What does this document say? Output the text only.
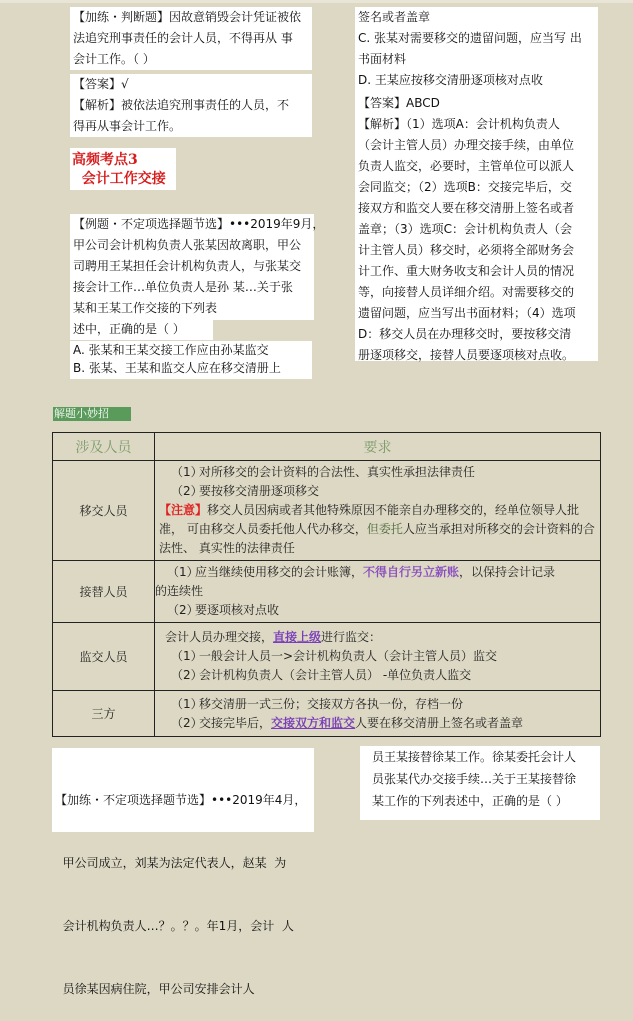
【加练・判断题】因故意销毁会计凭证被依
法追究刑事责任的会计人员，不得再从 事
会计工作。（ ）
【答案】√
【解析】被依法追究刑事责任的人员，不
得再从事会计工作。
高频考点3
会计工作交接
【例题・不定项选择题节选】•••2019年9月，
甲公司会计机构负责人张某因故离职，甲公
司聘用王某担任会计机构负责人，与张某交
接会计工作…单位负责人是孙 某…关于张
某和王某工作交接的下列表
述中，正确的是（ ）
A. 张某和王某交接工作应由孙某监交
B. 张某、王某和监交人应在移交清册上
签名或者盖章
C. 张某对需要移交的遗留问题，应当写 出
书面材料
D. 王某应按移交清册逐项核对点收
【答案】ABCD
【解析】（1）选项A：会计机构负责人
（会计主管人员）办理交接手续，由单位
负责人监交，必要时，主管单位可以派人
会同监交；（2）选项B：交接完毕后，交
接双方和监交人要在移交清册上签名或者
盖章；（3）选项C：会计机构负责人（会
计主管人员）移交时，必须将全部财务会
计工作、重大财务收支和会计人员的情况
等，向接替人员详细介绍。对需要移交的
遗留问题，应当写出书面材料；（4）选项
D：移交人员在办理移交时，要按移交清
册逐项移交，接替人员要逐项核对点收。
解题小妙招
涉及人员	要求
移交人员	（1）对所移交的会计资料的合法性、真实性承担法律责任
（2）要按移交清册逐项移交
【注意】移交人员因病或者其他特殊原因不能亲自办理移交的，经单位领导人批准， 可由移交人员委托他人代办移交，但委托人应当承担对所移交的会计资料的合法性、 真实性的法律责任

接替人员	（1）应当继续使用移交的会计账簿，不得自行另立新账，以保持会计记录
的连续性
（2）要逐项核对点收

监交人员	会计人员办理交接，直接上级进行监交：
（1）一般会计人员一>会计机构负责人（会计主管人员）监交
（2）会计机构负责人（会计主管人员） -单位负责人监交

三方	（1）移交清册一式三份；交接双方各执一份，存档一份
（2）交接完毕后，交接双方和监交人要在移交清册上签名或者盖章

【加练・不定项选择题节选】•••2019年4月，

甲公司成立，刘某为法定代表人，赵某  为

会计机构负责人…？。？。年1月，会计  人

员徐某因病住院，甲公司安排会计人

员王某接替徐某工作。徐某委托会计人
员张某代办交接手续…关于王某接替徐
某工作的下列表述中，正确的是（ ）
